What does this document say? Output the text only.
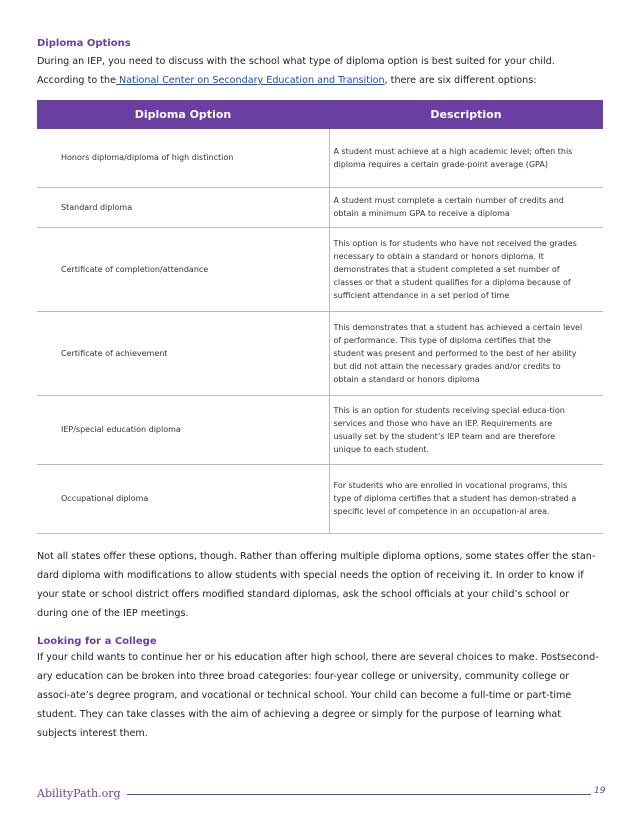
Diploma Options
During an IEP, you need to discuss with the school what type of diploma option is best suited for your child. According to the National Center on Secondary Education and Transition, there are six different options:
Diploma Option	Description
Honors diploma/diploma of high distinction	A student must achieve at a high academic level; often this diploma requires a certain grade-point average (GPA)
Standard diploma	A student must complete a certain number of credits and obtain a minimum GPA to receive a diploma
Certificate of completion/attendance	This option is for students who have not received the grades necessary to obtain a standard or honors diploma. It demonstrates that a student completed a set number of classes or that a student qualifies for a diploma because of sufficient attendance in a set period of time
Certificate of achievement	This demonstrates that a student has achieved a certain level of performance. This type of diploma certifies that the student was present and performed to the best of her ability but did not attain the necessary grades and/or credits to obtain a standard or honors diploma
IEP/special education diploma	This is an option for students receiving special educa-tion services and those who have an IEP. Requirements are usually set by the student’s IEP team and are therefore unique to each student.
Occupational diploma	For students who are enrolled in vocational programs, this type of diploma certifies that a student has demon-strated a specific level of competence in an occupation-al area.
Not all states offer these options, though. Rather than offering multiple diploma options, some states offer the stan-dard diploma with modifications to allow students with special needs the option of receiving it. In order to know if your state or school district offers modified standard diplomas, ask the school officials at your child’s school or during one of the IEP meetings.
Looking for a College
If your child wants to continue her or his education after high school, there are several choices to make. Postsecond-ary education can be broken into three broad categories: four-year college or university, community college or associ-ate’s degree program, and vocational or technical school. Your child can become a full-time or part-time student. They can take classes with the aim of achieving a degree or simply for the purpose of learning what subjects interest them.
AbilityPath.org	19
